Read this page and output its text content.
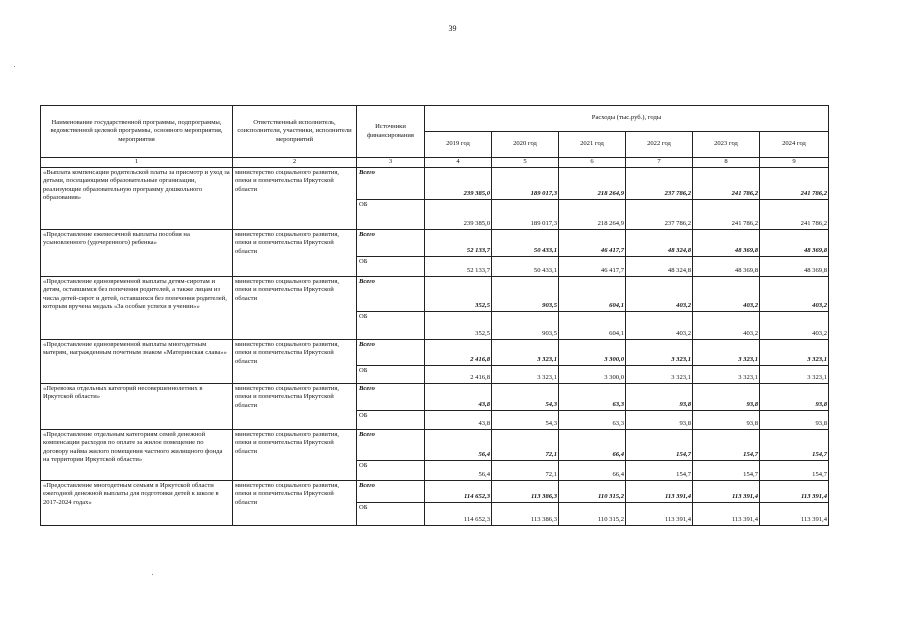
39
Наименование государственной программы, подпрограммы, ведомственной целевой программы, основного мероприятия, мероприятия	Ответственный исполнитель, соисполнители, участники, исполнители мероприятий	Источники финансирования	Расходы (тыс.руб.), годы					
			2019 год	2020 год	2021 год	2022 год	2023 год	2024 год
1	2	3	4	5	6	7	8	9
«Выплата компенсации родительской платы за присмотр и уход за детьми, посещающими образовательные организации, реализующие образовательную программу дошкольного образования»	министерство социального развития, опеки и попечительства Иркутской области	Всего	239 385,0	189 017,3	218 264,9	237 786,2	241 786,2	241 786,2
		ОБ	239 385,0	189 017,3	218 264,9	237 786,2	241 786,2	241 786,2
«Предоставление ежемесячной выплаты пособия на усыновленного (удочеренного) ребенка»	министерство социального развития, опеки и попечительства Иркутской области	Всего	52 133,7	50 433,1	46 417,7	48 324,8	48 369,8	48 369,8
		ОБ	52 133,7	50 433,1	46 417,7	48 324,8	48 369,8	48 369,8
«Предоставление единовременной выплаты детям-сиротам и детям, оставшимся без попечения родителей, а также лицам из числа детей-сирот и детей, оставшихся без попечения родителей, которым вручена медаль «За особые успехи в учении»»	министерство социального развития, опеки и попечительства Иркутской области	Всего	352,5	903,5	604,1	403,2	403,2	403,2
		ОБ	352,5	903,5	604,1	403,2	403,2	403,2
«Предоставление единовременной выплаты многодетным матерям, награжденным почетным знаком «Материнская слава»»	министерство социального развития, опеки и попечительства Иркутской области	Всего	2 416,8	3 323,1	3 300,0	3 323,1	3 323,1	3 323,1
		ОБ	2 416,8	3 323,1	3 300,0	3 323,1	3 323,1	3 323,1
«Перевозка отдельных категорий несовершеннолетних в Иркутской области»	министерство социального развития, опеки и попечительства Иркутской области	Всего	43,8	54,3	63,3	93,8	93,8	93,8
		ОБ	43,8	54,3	63,3	93,8	93,8	93,8
«Предоставление отдельным категориям семей денежной компенсации расходов по оплате за жилое помещение по договору найма жилого помещения частного жилищного фонда на территории Иркутской области»	министерство социального развития, опеки и попечительства Иркутской области	Всего	56,4	72,1	66,4	154,7	154,7	154,7
		ОБ	56,4	72,1	66,4	154,7	154,7	154,7
«Предоставление многодетным семьям в Иркутской области ежегодной денежной выплаты для подготовки детей к школе в 2017-2024 годах»	министерство социального развития, опеки и попечительства Иркутской области	Всего	114 652,3	113 386,3	110 315,2	113 391,4	113 391,4	113 391,4
		ОБ	114 652,3	113 386,3	110 315,2	113 391,4	113 391,4	113 391,4
